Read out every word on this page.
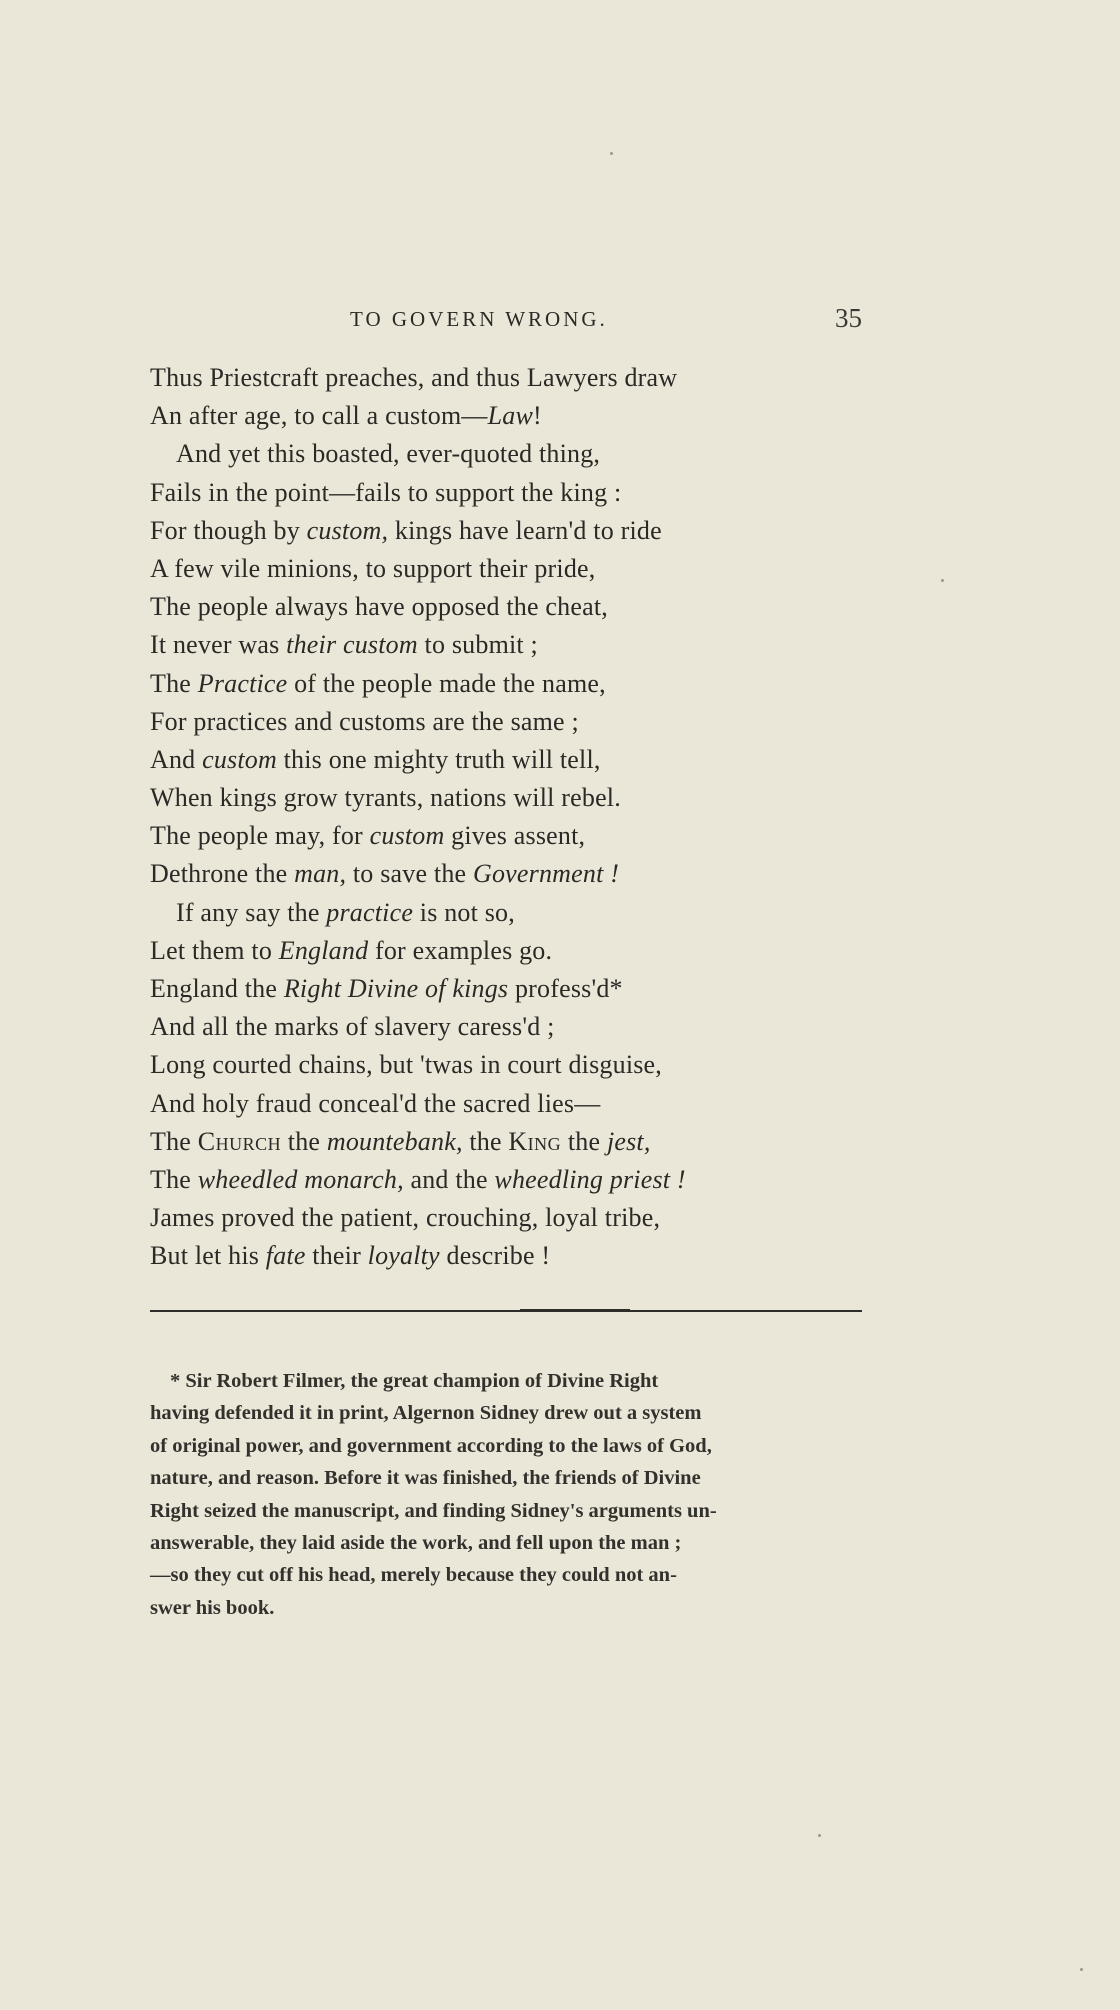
TO GOVERN WRONG.	35
Thus Priestcraft preaches, and thus Lawyers draw
An after age, to call a custom—Law!
And yet this boasted, ever-quoted thing,
Fails in the point—fails to support the king :
For though by custom, kings have learn'd to ride
A few vile minions, to support their pride,
The people always have opposed the cheat,
It never was their custom to submit ;
The Practice of the people made the name,
For practices and customs are the same ;
And custom this one mighty truth will tell,
When kings grow tyrants, nations will rebel.
The people may, for custom gives assent,
Dethrone the man, to save the Government !
If any say the practice is not so,
Let them to England for examples go.
England the Right Divine of kings profess'd*
And all the marks of slavery caress'd ;
Long courted chains, but 'twas in court disguise,
And holy fraud conceal'd the sacred lies—
The Church the mountebank, the King the jest,
The wheedled monarch, and the wheedling priest !
James proved the patient, crouching, loyal tribe,
But let his fate their loyalty describe !
* Sir Robert Filmer, the great champion of Divine Right
having defended it in print, Algernon Sidney drew out a system
of original power, and government according to the laws of God,
nature, and reason. Before it was finished, the friends of Divine
Right seized the manuscript, and finding Sidney's arguments un-
answerable, they laid aside the work, and fell upon the man ;
—so they cut off his head, merely because they could not an-
swer his book.
